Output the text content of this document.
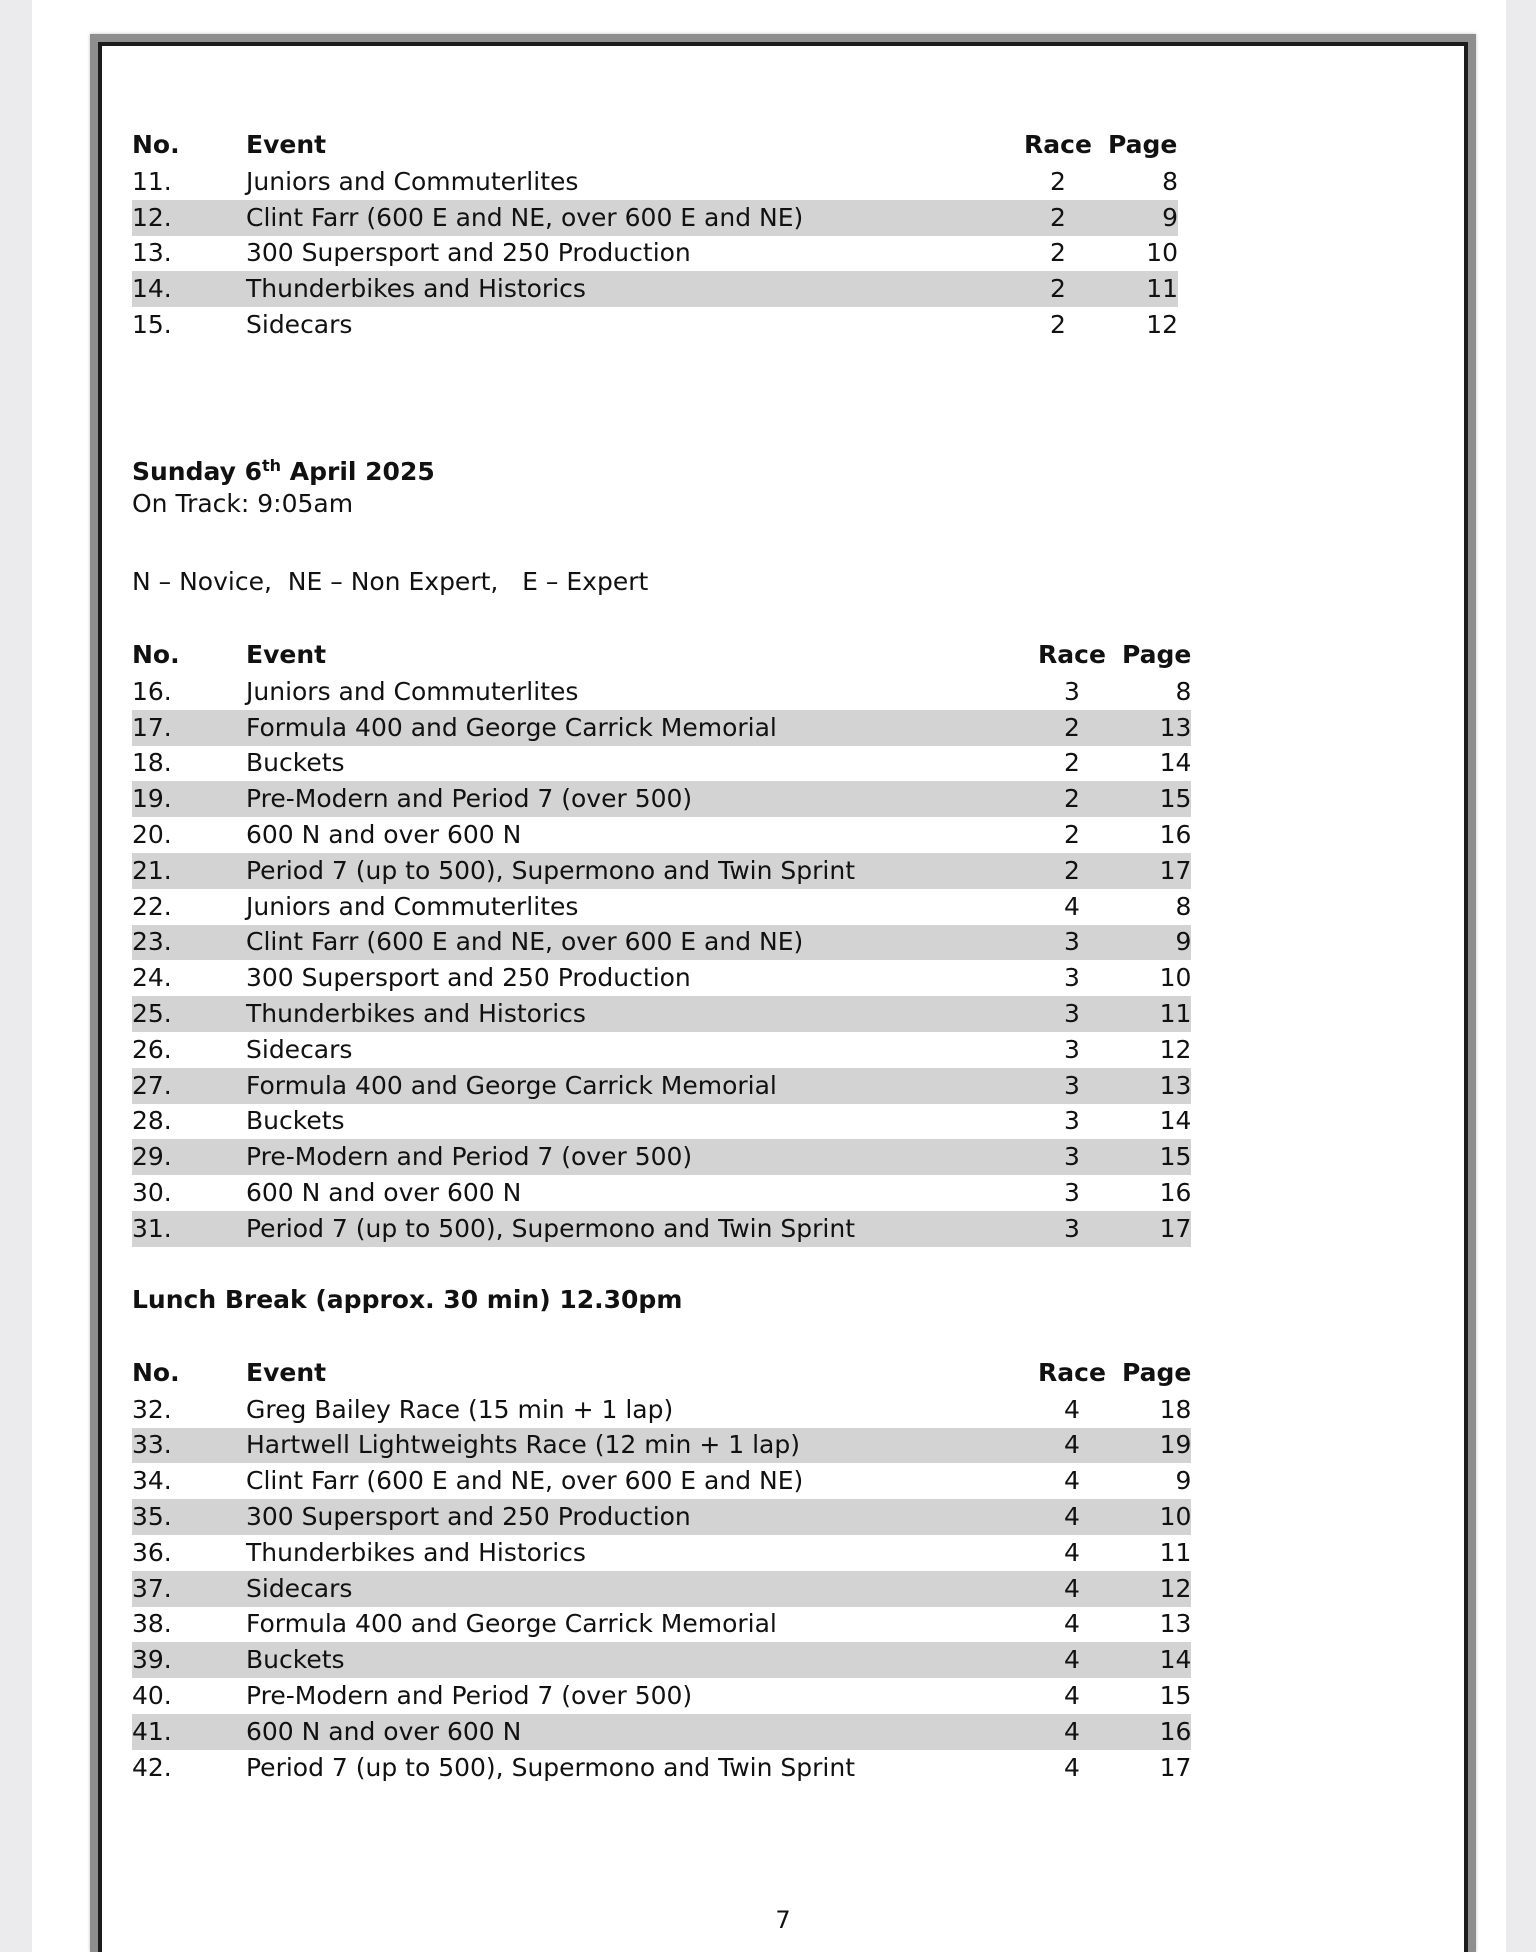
No.	Event	Race	Page
11.	Juniors and Commuterlites	2	8
12.	Clint Farr (600 E and NE, over 600 E and NE)	2	9
13.	300 Supersport and 250 Production	2	10
14.	Thunderbikes and Historics	2	11
15.	Sidecars	2	12
Sunday 6th April 2025
On Track: 9:05am
N – Novice,  NE – Non Expert,   E – Expert
No.	Event	Race	Page
16.	Juniors and Commuterlites	3	8
17.	Formula 400 and George Carrick Memorial	2	13
18.	Buckets	2	14
19.	Pre-Modern and Period 7 (over 500)	2	15
20.	600 N and over 600 N	2	16
21.	Period 7 (up to 500), Supermono and Twin Sprint	2	17
22.	Juniors and Commuterlites	4	8
23.	Clint Farr (600 E and NE, over 600 E and NE)	3	9
24.	300 Supersport and 250 Production	3	10
25.	Thunderbikes and Historics	3	11
26.	Sidecars	3	12
27.	Formula 400 and George Carrick Memorial	3	13
28.	Buckets	3	14
29.	Pre-Modern and Period 7 (over 500)	3	15
30.	600 N and over 600 N	3	16
31.	Period 7 (up to 500), Supermono and Twin Sprint	3	17
Lunch Break (approx. 30 min) 12.30pm
No.	Event	Race	Page
32.	Greg Bailey Race (15 min + 1 lap)	4	18
33.	Hartwell Lightweights Race (12 min + 1 lap)	4	19
34.	Clint Farr (600 E and NE, over 600 E and NE)	4	9
35.	300 Supersport and 250 Production	4	10
36.	Thunderbikes and Historics	4	11
37.	Sidecars	4	12
38.	Formula 400 and George Carrick Memorial	4	13
39.	Buckets	4	14
40.	Pre-Modern and Period 7 (over 500)	4	15
41.	600 N and over 600 N	4	16
42.	Period 7 (up to 500), Supermono and Twin Sprint	4	17
7
